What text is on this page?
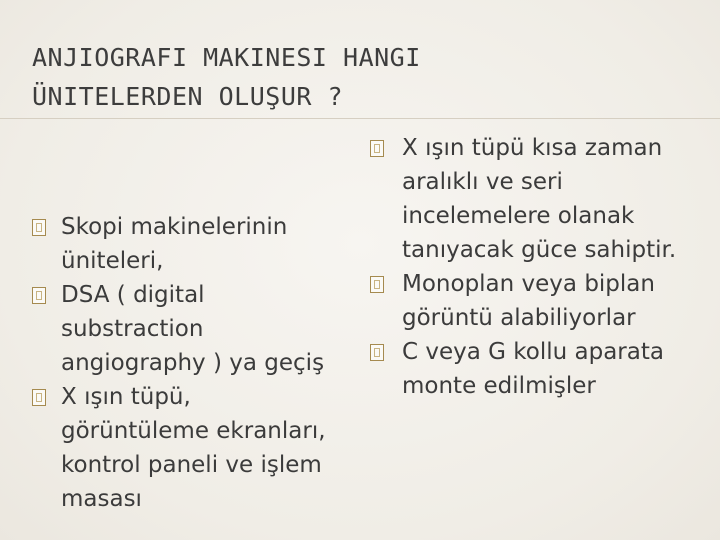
ANJIOGRAFI MAKINESI HANGI
ÜNITELERDEN OLUŞUR ?
Skopi makinelerinin
üniteleri,
DSA ( digital
substraction
angiography ) ya geçiş
X ışın tüpü,
görüntüleme ekranları,
kontrol paneli ve işlem
masası
X ışın tüpü kısa zaman
aralıklı ve seri
incelemelere olanak
tanıyacak güce sahiptir.
Monoplan veya biplan
görüntü alabiliyorlar
C veya G kollu aparata
monte edilmişler
